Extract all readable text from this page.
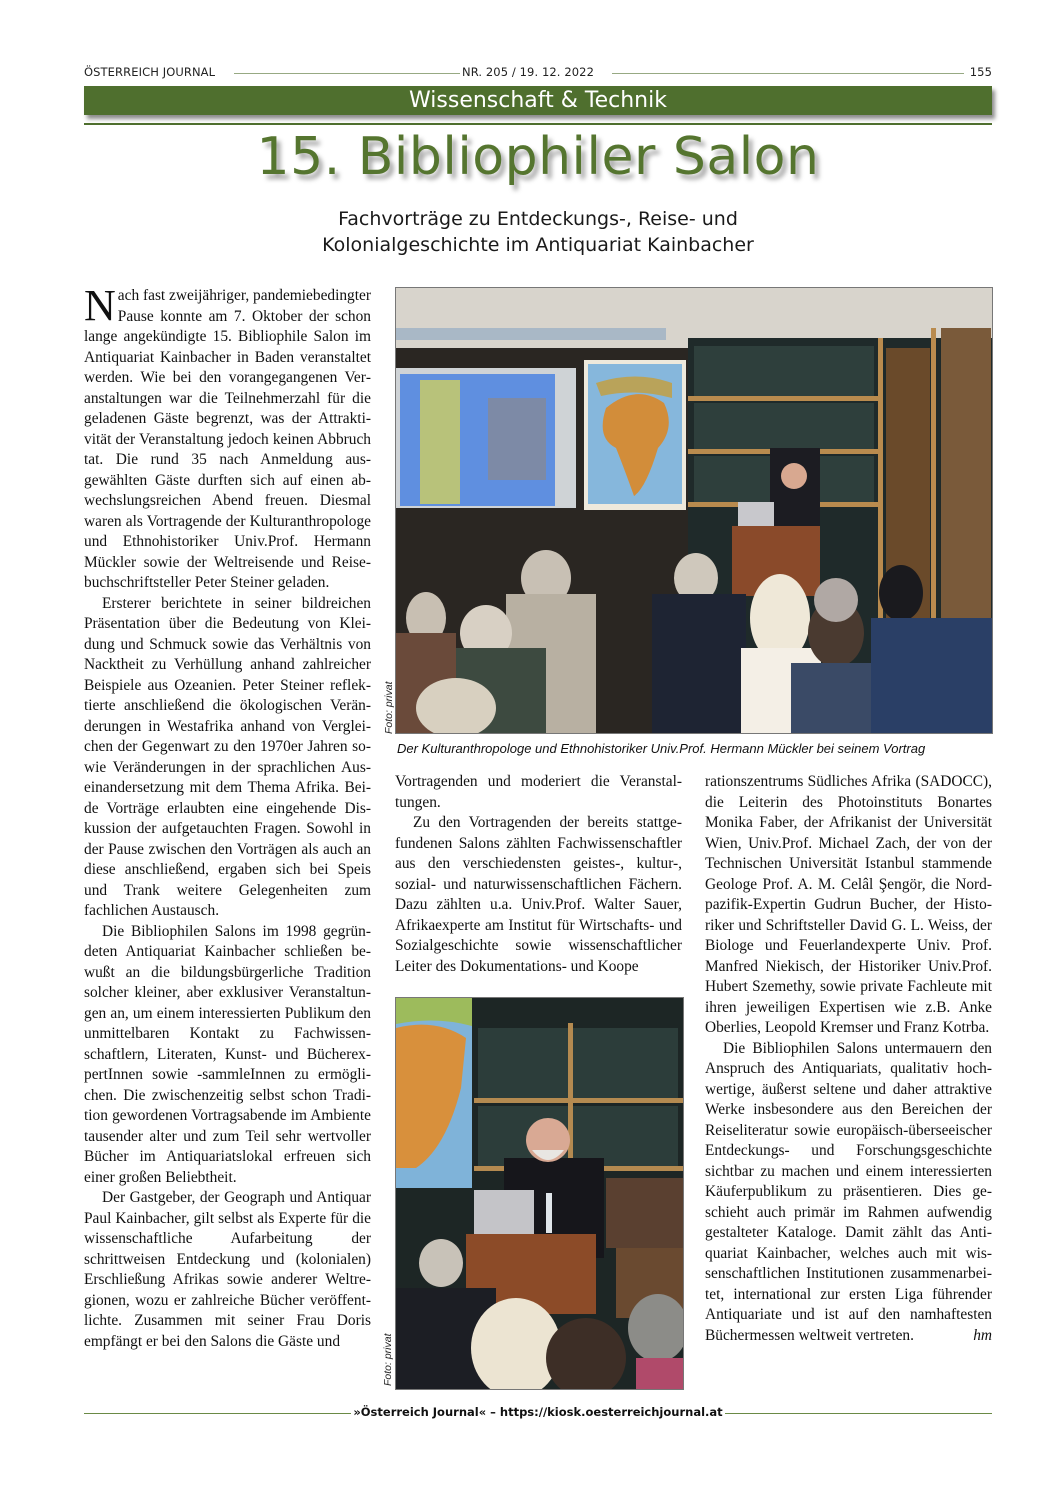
ÖSTERREICH JOURNAL	NR. 205 / 19. 12. 2022	155
Wissenschaft & Technik
15. Bibliophiler Salon
Fachvorträge zu Entdeckungs-, Reise- und
Kolonialgeschichte im Antiquariat Kainbacher

Nach fast zweijähriger, pandemiebedingter Pause konnte am 7. Oktober der schon lange angekündigte 15. Bibliophile Salon im Antiquariat Kainbacher in Baden veranstaltet werden. Wie bei den vorangegangenen Veranstaltungen war die Teilnehmerzahl für die geladenen Gäste begrenzt, was der Attraktivität der Veranstaltung jedoch keinen Abbruch tat. Die rund 35 nach Anmeldung ausgewählten Gäste durften sich auf einen abwechslungsreichen Abend freuen. Diesmal waren als Vortragende der Kulturanthropologe und Ethnohistoriker Univ.Prof. Hermann Mückler sowie der Weltreisende und Reisebuchschriftsteller Peter Steiner geladen.

Ersterer berichtete in seiner bildreichen Präsentation über die Bedeutung von Kleidung und Schmuck sowie das Verhältnis von Nacktheit zu Verhüllung anhand zahlreicher Beispiele aus Ozeanien. Peter Steiner reflektierte anschließend die ökologischen Veränderungen in Westafrika anhand von Vergleichen der Gegenwart zu den 1970er Jahren sowie Veränderungen in der sprachlichen Auseinandersetzung mit dem Thema Afrika. Beide Vorträge erlaubten eine eingehende Diskussion der aufgetauchten Fragen. Sowohl in der Pause zwischen den Vorträgen als auch an diese anschließend, ergaben sich bei Speis und Trank weitere Gelegenheiten zum fachlichen Austausch.

Die Bibliophilen Salons im 1998 gegründeten Antiquariat Kainbacher schließen bewußt an die bildungsbürgerliche Tradition solcher kleiner, aber exklusiver Veranstaltungen an, um einem interessierten Publikum den unmittelbaren Kontakt zu Fachwissenschaftlern, Literaten, Kunst- und BücherexpertInnen sowie -sammleInnen zu ermöglichen. Die zwischenzeitig selbst schon Tradition gewordenen Vortragsabende im Ambiente tausender alter und zum Teil sehr wertvoller Bücher im Antiquariatslokal erfreuen sich einer großen Beliebtheit.

Der Gastgeber, der Geograph und Antiquar Paul Kainbacher, gilt selbst als Experte für die wissenschaftliche Aufarbeitung der schrittweisen Entdeckung und (kolonialen) Erschließung Afrikas sowie anderer Weltregionen, wozu er zahlreiche Bücher veröffentlichte. Zusammen mit seiner Frau Doris empfängt er bei den Salons die Gäste und

Foto: privat
Der Kulturanthropologe und Ethnohistoriker Univ.Prof. Hermann Mückler bei seinem Vortrag

Vortragenden und moderiert die Veranstaltungen.

Zu den Vortragenden der bereits stattgefundenen Salons zählten Fachwissenschaftler aus den verschiedensten geistes-, kultur-, sozial- und naturwissenschaftlichen Fächern. Dazu zählten u.a. Univ.Prof. Walter Sauer, Afrikaexperte am Institut für Wirtschafts- und Sozialgeschichte sowie wissenschaftlicher Leiter des Dokumentations- und Koope

Foto: privat

rationszentrums Südliches Afrika (SADOCC), die Leiterin des Photoinstituts Bonartes Monika Faber, der Afrikanist der Universität Wien, Univ.Prof. Michael Zach, der von der Technischen Universität Istanbul stammende Geologe Prof. A. M. Celâl Şengör, die Nordpazifik-Expertin Gudrun Bucher, der Historiker und Schriftsteller David G. L. Weiss, der Biologe und Feuerlandexperte Univ. Prof. Manfred Niekisch, der Historiker Univ.Prof. Hubert Szemethy, sowie private Fachleute mit ihren jeweiligen Expertisen wie z.B. Anke Oberlies, Leopold Kremser und Franz Kotrba.

Die Bibliophilen Salons untermauern den Anspruch des Antiquariats, qualitativ hochwertige, äußerst seltene und daher attraktive Werke insbesondere aus den Bereichen der Reiseliteratur sowie europäisch-überseeischer Entdeckungs- und Forschungsgeschichte sichtbar zu machen und einem interessierten Käuferpublikum zu präsentieren. Dies geschieht auch primär im Rahmen aufwendig gestalteter Kataloge. Damit zählt das Antiquariat Kainbacher, welches auch mit wissenschaftlichen Institutionen zusammenarbeitet, international zur ersten Liga führender Antiquariate und ist auf den namhaftesten Büchermessen weltweit vertreten.	hm

»Österreich Journal« – https://kiosk.oesterreichjournal.at
